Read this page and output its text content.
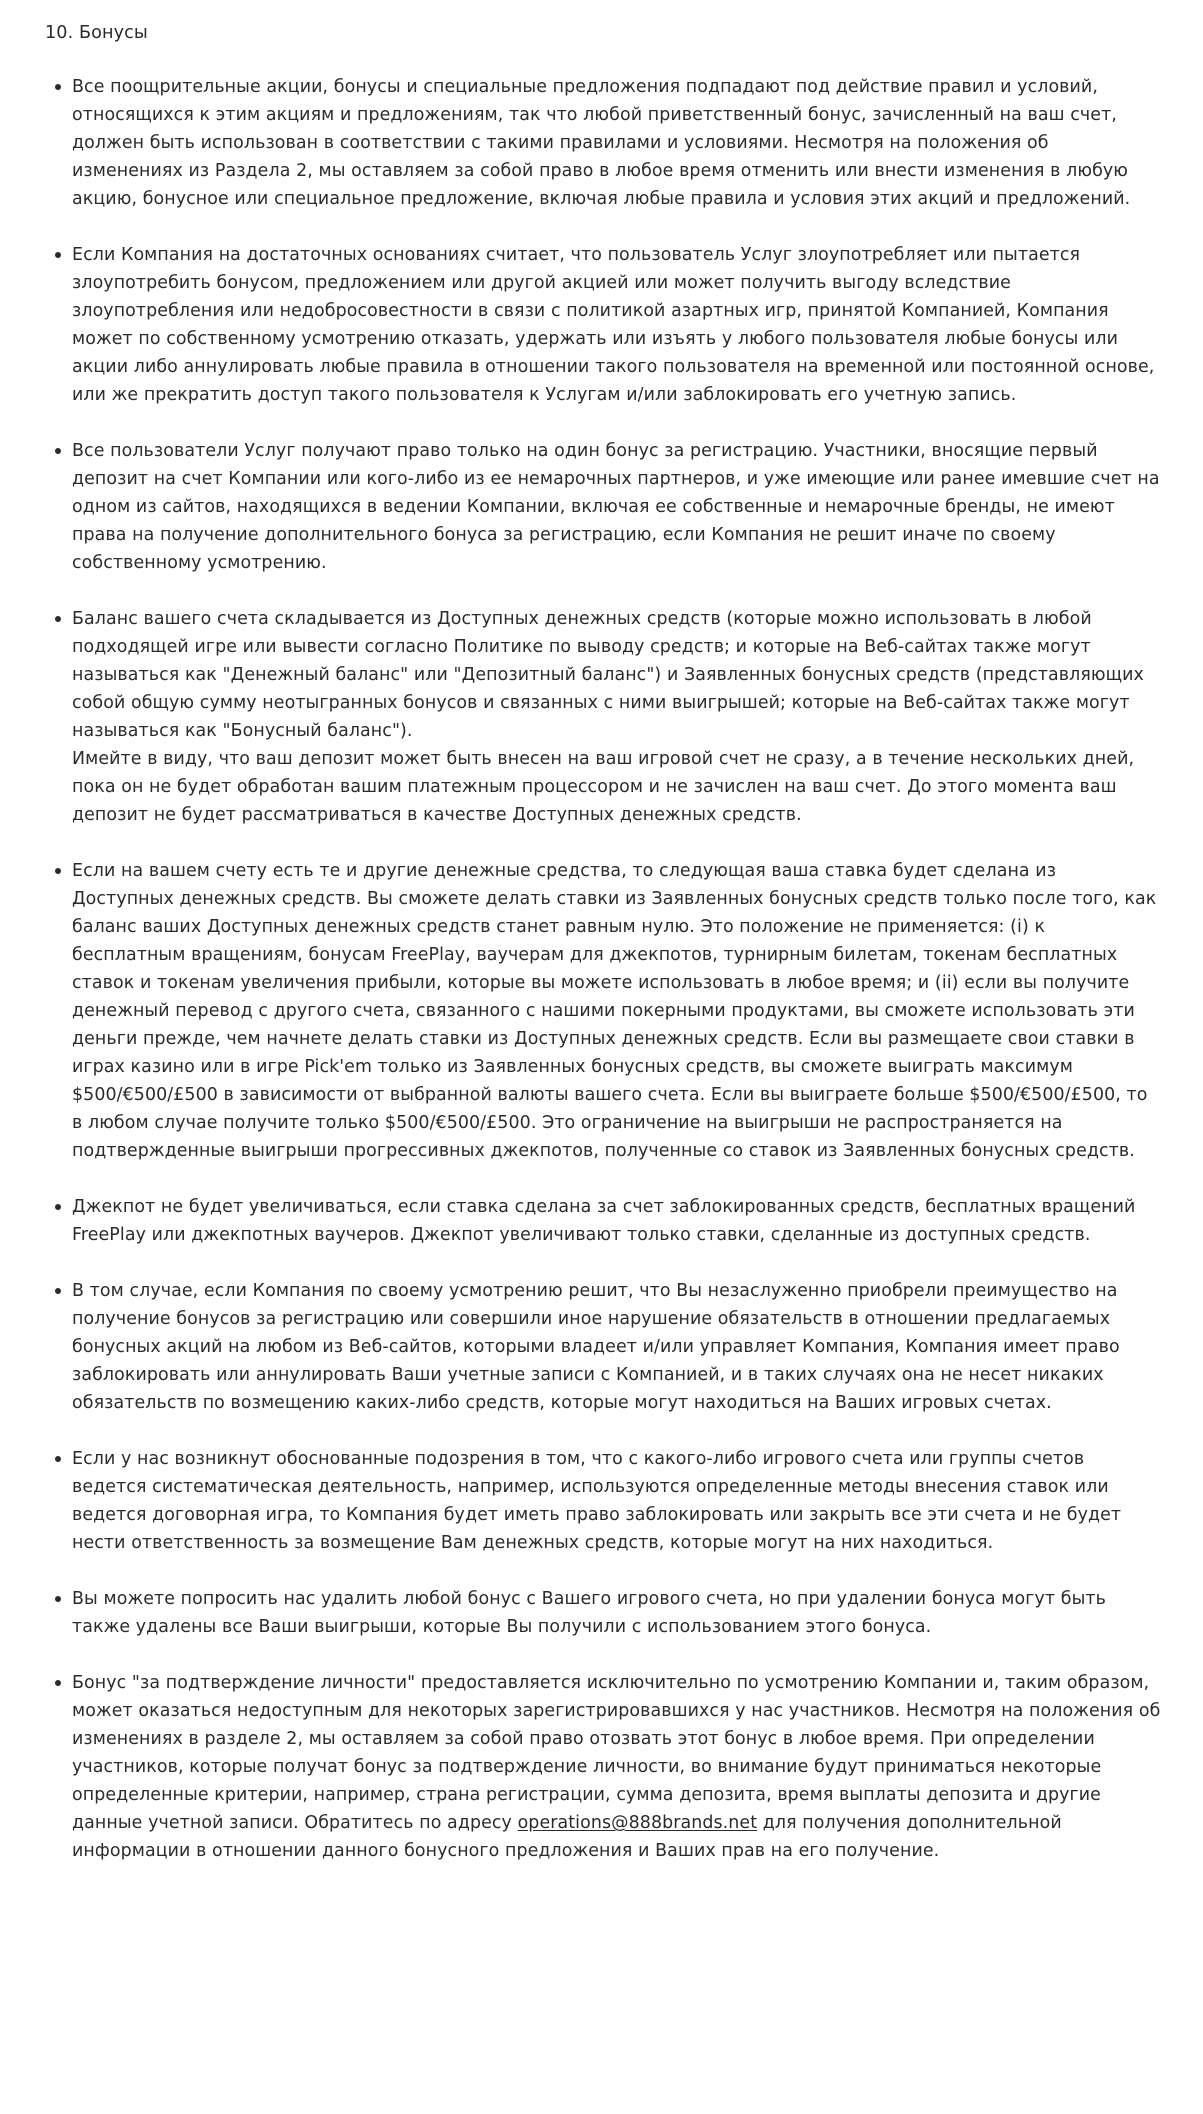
10. Бонусы
Все поощрительные акции, бонусы и специальные предложения подпадают под действие правил и условий, относящихся к этим акциям и предложениям, так что любой приветственный бонус, зачисленный на ваш счет, должен быть использован в соответствии с такими правилами и условиями. Несмотря на положения об изменениях из Раздела 2, мы оставляем за собой право в любое время отменить или внести изменения в любую акцию, бонусное или специальное предложение, включая любые правила и условия этих акций и предложений.
Если Компания на достаточных основаниях считает, что пользователь Услуг злоупотребляет или пытается злоупотребить бонусом, предложением или другой акцией или может получить выгоду вследствие злоупотребления или недобросовестности в связи с политикой азартных игр, принятой Компанией, Компания может по собственному усмотрению отказать, удержать или изъять у любого пользователя любые бонусы или акции либо аннулировать любые правила в отношении такого пользователя на временной или постоянной основе, или же прекратить доступ такого пользователя к Услугам и/или заблокировать его учетную запись.
Все пользователи Услуг получают право только на один бонус за регистрацию. Участники, вносящие первый депозит на счет Компании или кого-либо из ее немарочных партнеров, и уже имеющие или ранее имевшие счет на одном из сайтов, находящихся в ведении Компании, включая ее собственные и немарочные бренды, не имеют права на получение дополнительного бонуса за регистрацию, если Компания не решит иначе по своему собственному усмотрению.
Баланс вашего счета складывается из Доступных денежных средств (которые можно использовать в любой подходящей игре или вывести согласно Политике по выводу средств; и которые на Веб-сайтах также могут называться как "Денежный баланс" или "Депозитный баланс") и Заявленных бонусных средств (представляющих собой общую сумму неотыгранных бонусов и связанных с ними выигрышей; которые на Веб-сайтах также могут называться как "Бонусный баланс").
Имейте в виду, что ваш депозит может быть внесен на ваш игровой счет не сразу, а в течение нескольких дней, пока он не будет обработан вашим платежным процессором и не зачислен на ваш счет. До этого момента ваш депозит не будет рассматриваться в качестве Доступных денежных средств.
Если на вашем счету есть те и другие денежные средства, то следующая ваша ставка будет сделана из Доступных денежных средств. Вы сможете делать ставки из Заявленных бонусных средств только после того, как баланс ваших Доступных денежных средств станет равным нулю. Это положение не применяется: (i) к бесплатным вращениям, бонусам FreePlay, ваучерам для джекпотов, турнирным билетам, токенам бесплатных ставок и токенам увеличения прибыли, которые вы можете использовать в любое время; и (ii) если вы получите денежный перевод с другого счета, связанного с нашими покерными продуктами, вы сможете использовать эти деньги прежде, чем начнете делать ставки из Доступных денежных средств. Если вы размещаете свои ставки в играх казино или в игре Pick'em только из Заявленных бонусных средств, вы сможете выиграть максимум $500/€500/£500 в зависимости от выбранной валюты вашего счета. Если вы выиграете больше $500/€500/£500, то в любом случае получите только $500/€500/£500. Это ограничение на выигрыши не распространяется на подтвержденные выигрыши прогрессивных джекпотов, полученные со ставок из Заявленных бонусных средств.
Джекпот не будет увеличиваться, если ставка сделана за счет заблокированных средств, бесплатных вращений FreePlay или джекпотных ваучеров. Джекпот увеличивают только ставки, сделанные из доступных средств.
В том случае, если Компания по своему усмотрению решит, что Вы незаслуженно приобрели преимущество на получение бонусов за регистрацию или совершили иное нарушение обязательств в отношении предлагаемых бонусных акций на любом из Веб-сайтов, которыми владеет и/или управляет Компания, Компания имеет право заблокировать или аннулировать Ваши учетные записи с Компанией, и в таких случаях она не несет никаких обязательств по возмещению каких-либо средств, которые могут находиться на Ваших игровых счетах.
Если у нас возникнут обоснованные подозрения в том, что с какого-либо игрового счета или группы счетов ведется систематическая деятельность, например, используются определенные методы внесения ставок или ведется договорная игра, то Компания будет иметь право заблокировать или закрыть все эти счета и не будет нести ответственность за возмещение Вам денежных средств, которые могут на них находиться.
Вы можете попросить нас удалить любой бонус с Вашего игрового счета, но при удалении бонуса могут быть также удалены все Ваши выигрыши, которые Вы получили с использованием этого бонуса.
Бонус "за подтверждение личности" предоставляется исключительно по усмотрению Компании и, таким образом, может оказаться недоступным для некоторых зарегистрировавшихся у нас участников. Несмотря на положения об изменениях в разделе 2, мы оставляем за собой право отозвать этот бонус в любое время. При определении участников, которые получат бонус за подтверждение личности, во внимание будут приниматься некоторые определенные критерии, например, страна регистрации, сумма депозита, время выплаты депозита и другие данные учетной записи. Обратитесь по адресу operations@888brands.net для получения дополнительной информации в отношении данного бонусного предложения и Ваших прав на его получение.
